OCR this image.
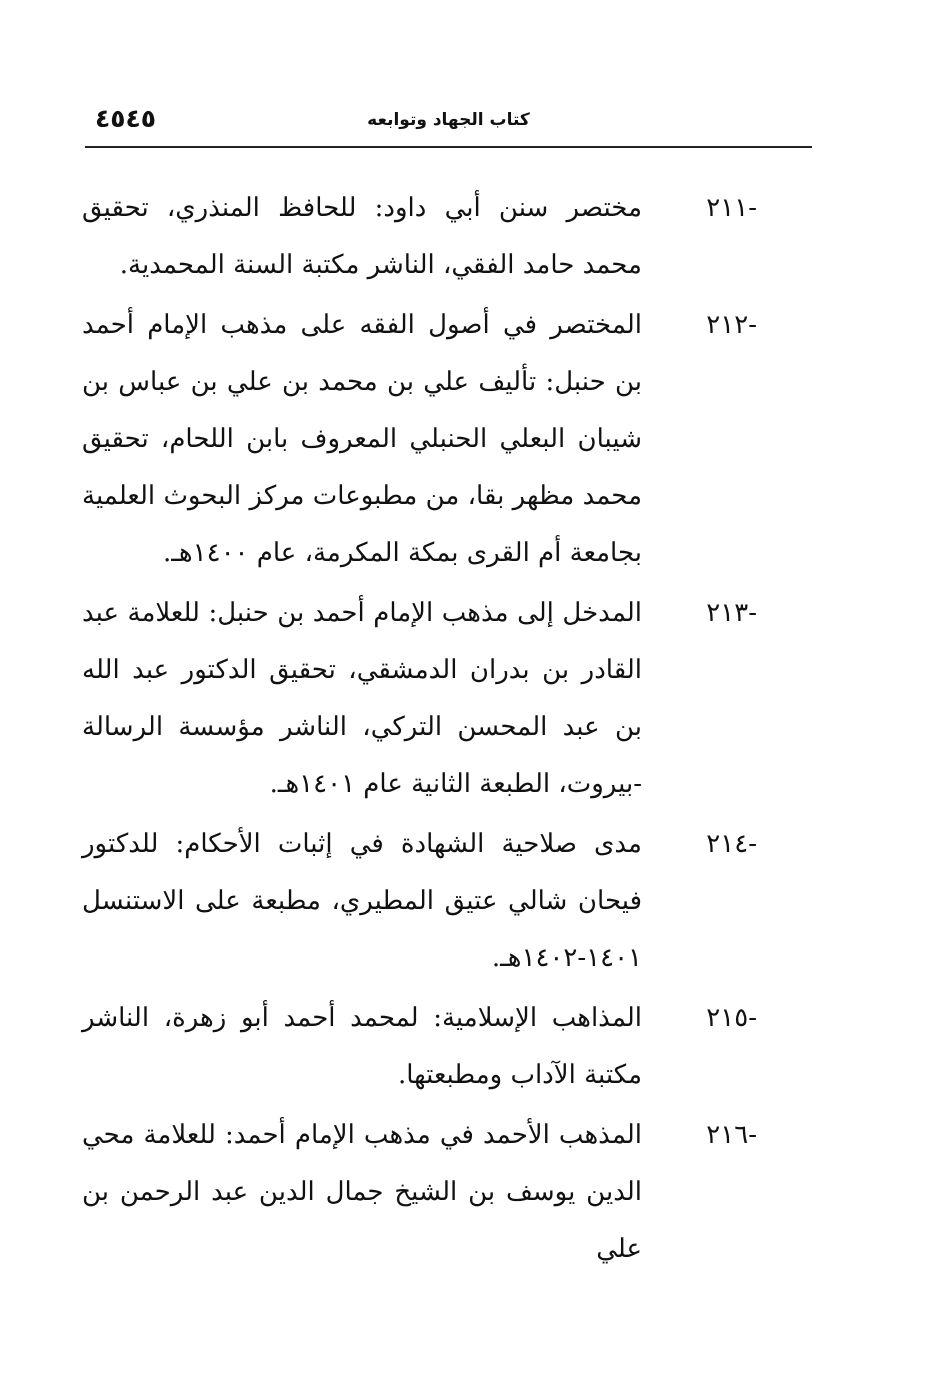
٤٥٤٥	كتاب الجهاد وتوابعه
-٢١١
مختصر سنن أبي داود: للحافظ المنذري، تحقيق محمد حامد الفقي، الناشر مكتبة السنة المحمدية.
-٢١٢
المختصر في أصول الفقه على مذهب الإمام أحمد بن حنبل: تأليف علي بن محمد بن علي بن عباس بن شيبان البعلي الحنبلي المعروف بابن اللحام، تحقيق محمد مظهر بقا، من مطبوعات مركز البحوث العلمية بجامعة أم القرى بمكة المكرمة، عام ١٤٠٠هـ.
-٢١٣
المدخل إلى مذهب الإمام أحمد بن حنبل: للعلامة عبد القادر بن بدران الدمشقي، تحقيق الدكتور عبد الله بن عبد المحسن التركي، الناشر مؤسسة الرسالة -بيروت، الطبعة الثانية عام ١٤٠١هـ.
-٢١٤
مدى صلاحية الشهادة في إثبات الأحكام: للدكتور فيحان شالي عتيق المطيري، مطبعة على الاستنسل ١٤٠١-١٤٠٢هـ.
-٢١٥
المذاهب الإسلامية: لمحمد أحمد أبو زهرة، الناشر مكتبة الآداب ومطبعتها.
-٢١٦
المذهب الأحمد في مذهب الإمام أحمد: للعلامة محي الدين يوسف بن الشيخ جمال الدين عبد الرحمن بن علي
